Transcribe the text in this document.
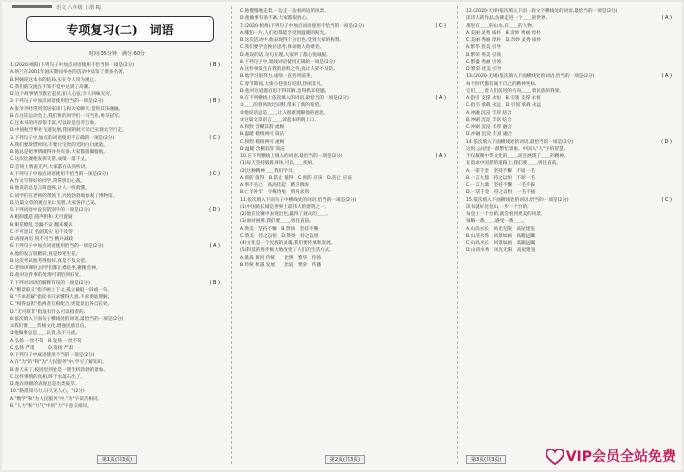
语文 八年级 上册 RJ
专项复习(二)　词语
时间:35分钟　满分:60分
1.(2020·绵阳)下列句子中加点词语使用不恰当的一项是(2分)
A.纳兰在2001年国庆期间举办的活动中品鉴了诸多名著。
B.阿姨说这本书的结局,实在令人叹为观止。
C.我们的交流在不知不觉中达到了高潮。
D.这个故事情节跌宕起伏,扣人心弦,令人回味无穷。
2.下列句子中加点词语使用恰当的一项是(2分)
A.张爷爷经常到邻居家串门,和大家聊天,觉得其乐融融。
B.在这次运动会上,我们班的同学们一马当先,勇夺冠军。
C.这本书的内容很丰富,可以说是包罗万象。
D.中国航空事业飞速发展,我国的航天员已实现太空行走。
3.下列句子中,加点的词语使用不正确的一项是(2分)
A.我们要珍惜时间,不要让宝贵的光阴白白流逝。
B.他总是把事情做得井井有条,大家都很佩服他。
C.这次比赛他发挥失常,成绩一落千丈。
D.会场上鸦雀无声,大家都在认真听讲。
4.下列句子中加点词语使用不恰当的一项是(2分)
A.作文写得好的同学,常常别出心裁。
B.他说话总是言简意赅,让人一听就懂。
C.同学们在老师的带领下,兴致勃勃地参观了博物馆。
D.这篇文章的观点见仁见智,大家各抒己见。
5.下列词语中没有错别字的一项是(2分)
A.粗制滥造 随声附和 无可置疑
B.眼花缭乱 急躁不安 翻来覆去
C.不可思议 名副其实 迫不及待
D.再接再厉 锐不可当 精兵减政
6.下列句子中加点词语使用恰当的一项是(2分)
A.他的发言很精彩,真是妙笔生花。
B.这次考试他考得很好,真是不负众望。
C.老师讲课时,同学们都正襟危坐,聚精会神。
D.他对这件事的处理可谓恰到好处。
7.下列对词语的解释有误的一项是(2分)
A."断章取义"指不顾上下文,孤立截取一段或一句。
B."不求甚解"指读书只求懂得大意,不求彻底理解。
C."相得益彰"指两者互相配合,更能显出各自长处。
D."无可厚非"指没有什么可以指责的。
8.依次填入下面句子横线处的词语,最恰当的一项是(2分)
①我们要＿＿传统文化,增强民族自信。
②他做事总是＿＿认真,从不马虎。
A.弘扬 一丝不苟　B.发扬 一丝不苟
C.弘扬 严肃　　　D.发扬 严肃
9.下列句子中成语使用不当的一项是(2分)
A.在"为"的"和"为"人民服务"中,学习了解知识。
B.春天来了,校园里到处是一派生机勃勃的景象。
C.这件事情的真相,终于水落石出了。
D.他在班级的表现总是出类拔萃。
10."路遥知马力,日久见人心。"(2分)
A."数学"和"为人民服务"中,"为"字读音相同。
B."人力"和"力气"中的"力"字意义相同。
( B )
( B )
( C )
( C )
( D )
( A )
( B )
第1页(共3页)
C.他慢慢地走着,一边走一边看两边的风景。
D.他做事有条不紊,大家都很放心。
7.(2020·梧州)下列句子中加点词语使用不恰当的一项是(2分)
A.哪怕一片,人们也都能享受到温暖的阳光。
B.这次活动中,他表现得十分出色,受到大家的称赞。
C.我们要学会换位思考,体谅他人的难处。
D.他说的话,句句在理,大家听了都心悦诚服。
8.下列句子中,划线词语使用正确的一项是(2分)
A.这件事发生在我的意料之外,真让人猝不及防。
B.他学习很努力,成绩一直名列前茅。
C.春节期间,大街小巷张灯结彩,热闹非凡。
D.他对这道题百思不得其解,急得抓耳挠腮。
9.在下列横线上依次填入的词语,最恰当的一项是(2分)
①＿＿的春风吹过田野,带来了新的希望。
②他说话总是＿＿,让人很难理解他的意思。
③这篇文章语言＿＿,读起来朗朗上口。
A.和煦 含糊其辞 流畅
B.温暖 模棱两可 简洁
C.和煦 模棱两可 流畅
D.温暖 含糊其辞 简洁
10.在下列横线上填入的词语,最恰当的一项是(2分)
(1)每天坚持锻炼身体,可以＿＿疾病。
(2)这种精神＿＿我们学习。
A.预防 值得　B.防止 值得　C.预防 应该　D.防止 应该
A.事不关己　高高挂起　精卫填海
B.亡羊补牢　守株待兔　刻舟求剑
11.依次填入下面句子中横线处的词语,恰当的一项是(2分)
(1)中国的长城是世界上最伟大的建筑之一。
(2)他在比赛中表现出色,赢得了观众的＿＿。
(3)面对困难,我们要＿＿,勇往直前。
A.赞美　坚持不懈　B.赞扬　坚持不懈
C.赞美　持之以恒　D.赞扬　持之以恒
(4)文化是一个民族的灵魂,我们要传承和发展。
(5)科技的进步极大地改变了人们的生活方式。
A.挑战 黄河 传统　　比例　繁华　传扬
B.传统 机遇 发展　　比较　繁荣　传播
( C )
( A )
( A )
第2页(共3页)
12.(2020·天津)依次填入下面一段文字横线处的词语,最恰当的一项是(2分)
读诗人的作品,仿佛走进一个＿＿的世界,
那里有＿＿的山水,有＿＿的人物。
A.美丽 灵秀 质朴　B.奇妙 秀丽 淳朴
C.美丽 秀丽 淳朴　D.奇妙 灵秀 质朴
A.繁华 优美 引导
B.繁荣 秀美 引领
C.繁盛 秀丽 引领
D.繁荣 优美 引导
13.(2020·无锡)依次填入下面横线处的词语,恰当的一项是(2分)
每个时代都有属于自己的精神坐标,
它们＿＿着人们前进的方向,＿＿着民族的脊梁。
A.指引 支撑 永恒　B.引领 支撑 永恒
C.指引 承载 永远　D.引领 承载 永远
A.冲融 沉浸 丰厚 结合
B.冲刷 沉淀 丰富 结合
C.冲刷 沉浸 丰厚 融合
D.冲融 沉淀 丰富 融合
14.依次填入下面横线处的词语,最恰当的一项是(2分)
这时,公园里一派繁忙景象。中国人"人"字的智慧,
不仅凝聚中华文化的＿＿,而且展现了＿＿的精神。
在追求中国梦的道路上,我们要＿＿,勇往直前。
A.一诺千金　坚持不懈　不屈一毛
B.一言九鼎　持之以恒　不屈一毛
C.一言九鼎　坚持不懈　一毛不拔
D.一诺千金　持之以恒　一毛不拔
15.依次填入下面横线处的词语,恰当的一项是(2分)
读书就好比登山,一步一个台阶,
每登上一个台阶,就会看到更美的风景,
领略一番＿＿,感受一番＿＿。
A.山高水长　风光无限　高屋建瓴
B.山清水秀　风景如画　高瞻远瞩
C.山高水长　风景如画　高瞻远瞩
D.山清水秀　风光无限　高屋建瓴
( A )
( A )
( D )
( C )
第3页(共3页)	VIP会员全站免费
